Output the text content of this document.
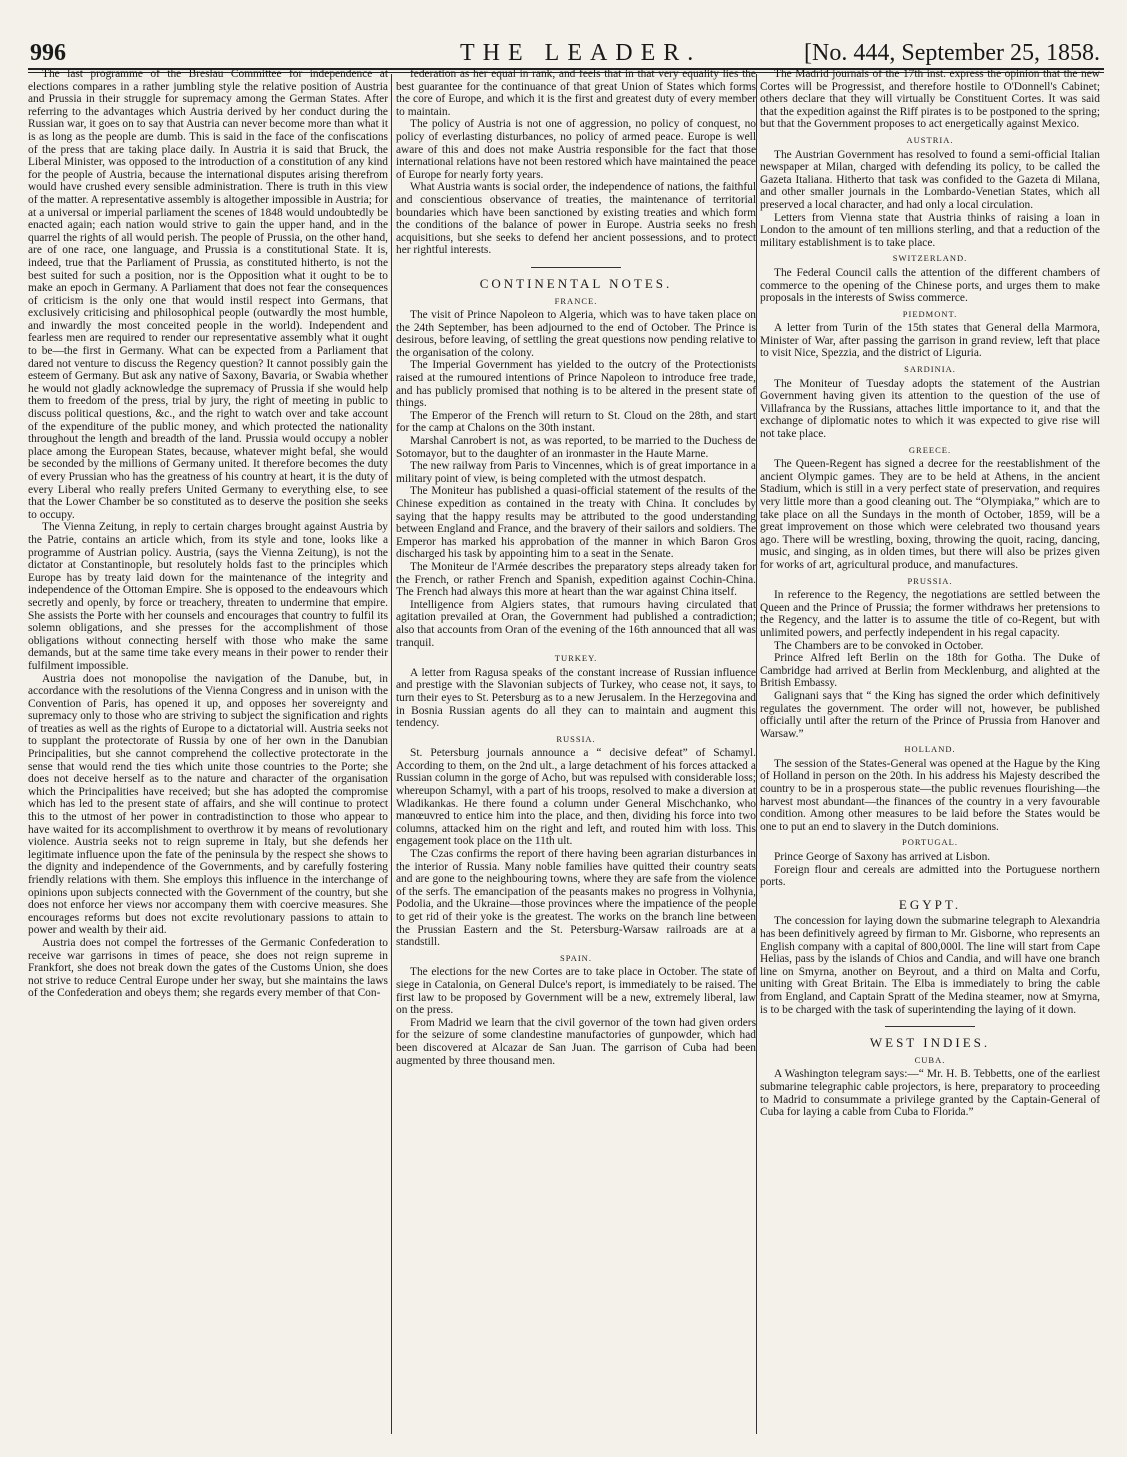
996	THE LEADER.	[No. 444, September 25, 1858.

The last programme of the Breslau Committee for independence at elections compares in a rather jumbling style the relative position of Austria and Prussia in their struggle for supremacy among the German States. After referring to the advantages which Austria derived by her conduct during the Russian war, it goes on to say that Austria can never become more than what it is as long as the people are dumb. This is said in the face of the confiscations of the press that are taking place daily. In Austria it is said that Bruck, the Liberal Minister, was opposed to the introduction of a constitution of any kind for the people of Austria, because the international disputes arising therefrom would have crushed every sensible administration. There is truth in this view of the matter. A representative assembly is altogether impossible in Austria; for at a universal or imperial parliament the scenes of 1848 would undoubtedly be enacted again; each nation would strive to gain the upper hand, and in the quarrel the rights of all would perish. The people of Prussia, on the other hand, are of one race, one language, and Prussia is a constitutional State. It is, indeed, true that the Parliament of Prussia, as constituted hitherto, is not the best suited for such a position, nor is the Opposition what it ought to be to make an epoch in Germany. A Parliament that does not fear the consequences of criticism is the only one that would instil respect into Germans, that exclusively criticising and philosophical people (outwardly the most humble, and inwardly the most conceited people in the world). Independent and fearless men are required to render our representative assembly what it ought to be—the first in Germany. What can be expected from a Parliament that dared not venture to discuss the Regency question? It cannot possibly gain the esteem of Germany. But ask any native of Saxony, Bavaria, or Swabia whether he would not gladly acknowledge the supremacy of Prussia if she would help them to freedom of the press, trial by jury, the right of meeting in public to discuss political questions, &c., and the right to watch over and take account of the expenditure of the public money, and which protected the nationality throughout the length and breadth of the land. Prussia would occupy a nobler place among the European States, because, whatever might befal, she would be seconded by the millions of Germany united. It therefore becomes the duty of every Prussian who has the greatness of his country at heart, it is the duty of every Liberal who really prefers United Germany to everything else, to see that the Lower Chamber be so constituted as to deserve the position she seeks to occupy.

The Vienna Zeitung, in reply to certain charges brought against Austria by the Patrie, contains an article which, from its style and tone, looks like a programme of Austrian policy. Austria, (says the Vienna Zeitung), is not the dictator at Constantinople, but resolutely holds fast to the principles which Europe has by treaty laid down for the maintenance of the integrity and independence of the Ottoman Empire. She is opposed to the endeavours which secretly and openly, by force or treachery, threaten to undermine that empire. She assists the Porte with her counsels and encourages that country to fulfil its solemn obligations, and she presses for the accomplishment of those obligations without connecting herself with those who make the same demands, but at the same time take every means in their power to render their fulfilment impossible.

Austria does not monopolise the navigation of the Danube, but, in accordance with the resolutions of the Vienna Congress and in unison with the Convention of Paris, has opened it up, and opposes her sovereignty and supremacy only to those who are striving to subject the signification and rights of treaties as well as the rights of Europe to a dictatorial will. Austria seeks not to supplant the protectorate of Russia by one of her own in the Danubian Principalities, but she cannot comprehend the collective protectorate in the sense that would rend the ties which unite those countries to the Porte; she does not deceive herself as to the nature and character of the organisation which the Principalities have received; but she has adopted the compromise which has led to the present state of affairs, and she will continue to protect this to the utmost of her power in contradistinction to those who appear to have waited for its accomplishment to overthrow it by means of revolutionary violence. Austria seeks not to reign supreme in Italy, but she defends her legitimate influence upon the fate of the peninsula by the respect she shows to the dignity and independence of the Governments, and by carefully fostering friendly relations with them. She employs this influence in the interchange of opinions upon subjects connected with the Government of the country, but she does not enforce her views nor accompany them with coercive measures. She encourages reforms but does not excite revolutionary passions to attain to power and wealth by their aid.

Austria does not compel the fortresses of the Germanic Confederation to receive war garrisons in times of peace, she does not reign supreme in Frankfort, she does not break down the gates of the Customs Union, she does not strive to reduce Central Europe under her sway, but she maintains the laws of the Confederation and obeys them; she regards every member of that Con-

federation as her equal in rank, and feels that in that very equality lies the best guarantee for the continuance of that great Union of States which forms the core of Europe, and which it is the first and greatest duty of every member to maintain.

The policy of Austria is not one of aggression, no policy of conquest, no policy of everlasting disturbances, no policy of armed peace. Europe is well aware of this and does not make Austria responsible for the fact that those international relations have not been restored which have maintained the peace of Europe for nearly forty years.

What Austria wants is social order, the independence of nations, the faithful and conscientious observance of treaties, the maintenance of territorial boundaries which have been sanctioned by existing treaties and which form the conditions of the balance of power in Europe. Austria seeks no fresh acquisitions, but she seeks to defend her ancient possessions, and to protect her rightful interests.

CONTINENTAL NOTES.
FRANCE.

The visit of Prince Napoleon to Algeria, which was to have taken place on the 24th September, has been adjourned to the end of October. The Prince is desirous, before leaving, of settling the great questions now pending relative to the organisation of the colony.

The Imperial Government has yielded to the outcry of the Protectionists raised at the rumoured intentions of Prince Napoleon to introduce free trade, and has publicly promised that nothing is to be altered in the present state of things.

The Emperor of the French will return to St. Cloud on the 28th, and start for the camp at Chalons on the 30th instant.

Marshal Canrobert is not, as was reported, to be married to the Duchess de Sotomayor, but to the daughter of an ironmaster in the Haute Marne.

The new railway from Paris to Vincennes, which is of great importance in a military point of view, is being completed with the utmost despatch.

The Moniteur has published a quasi-official statement of the results of the Chinese expedition as contained in the treaty with China. It concludes by saying that the happy results may be attributed to the good understanding between England and France, and the bravery of their sailors and soldiers. The Emperor has marked his approbation of the manner in which Baron Gros discharged his task by appointing him to a seat in the Senate.

The Moniteur de l'Armée describes the preparatory steps already taken for the French, or rather French and Spanish, expedition against Cochin-China. The French had always this more at heart than the war against China itself.

Intelligence from Algiers states, that rumours having circulated that agitation prevailed at Oran, the Government had published a contradiction; also that accounts from Oran of the evening of the 16th announced that all was tranquil.

TURKEY.

A letter from Ragusa speaks of the constant increase of Russian influence and prestige with the Slavonian subjects of Turkey, who cease not, it says, to turn their eyes to St. Petersburg as to a new Jerusalem. In the Herzegovina and in Bosnia Russian agents do all they can to maintain and augment this tendency.

RUSSIA.

St. Petersburg journals announce a “ decisive defeat” of Schamyl. According to them, on the 2nd ult., a large detachment of his forces attacked a Russian column in the gorge of Acho, but was repulsed with considerable loss; whereupon Schamyl, with a part of his troops, resolved to make a diversion at Wladikankas. He there found a column under General Mischchanko, who manœuvred to entice him into the place, and then, dividing his force into two columns, attacked him on the right and left, and routed him with loss. This engagement took place on the 11th ult.

The Czas confirms the report of there having been agrarian disturbances in the interior of Russia. Many noble families have quitted their country seats and are gone to the neighbouring towns, where they are safe from the violence of the serfs. The emancipation of the peasants makes no progress in Volhynia, Podolia, and the Ukraine—those provinces where the impatience of the people to get rid of their yoke is the greatest. The works on the branch line between the Prussian Eastern and the St. Petersburg-Warsaw railroads are at a standstill.

SPAIN.

The elections for the new Cortes are to take place in October. The state of siege in Catalonia, on General Dulce's report, is immediately to be raised. The first law to be proposed by Government will be a new, extremely liberal, law on the press.

From Madrid we learn that the civil governor of the town had given orders for the seizure of some clandestine manufactories of gunpowder, which had been discovered at Alcazar de San Juan. The garrison of Cuba had been augmented by three thousand men.

The Madrid journals of the 17th inst. express the opinion that the new Cortes will be Progressist, and therefore hostile to O'Donnell's Cabinet; others declare that they will virtually be Constituent Cortes. It was said that the expedition against the Riff pirates is to be postponed to the spring; but that the Government proposes to act energetically against Mexico.

AUSTRIA.

The Austrian Government has resolved to found a semi-official Italian newspaper at Milan, charged with defending its policy, to be called the Gazeta Italiana. Hitherto that task was confided to the Gazeta di Milana, and other smaller journals in the Lombardo-Venetian States, which all preserved a local character, and had only a local circulation.

Letters from Vienna state that Austria thinks of raising a loan in London to the amount of ten millions sterling, and that a reduction of the military establishment is to take place.

SWITZERLAND.

The Federal Council calls the attention of the different chambers of commerce to the opening of the Chinese ports, and urges them to make proposals in the interests of Swiss commerce.

PIEDMONT.

A letter from Turin of the 15th states that General della Marmora, Minister of War, after passing the garrison in grand review, left that place to visit Nice, Spezzia, and the district of Liguria.

SARDINIA.

The Moniteur of Tuesday adopts the statement of the Austrian Government having given its attention to the question of the use of Villafranca by the Russians, attaches little importance to it, and that the exchange of diplomatic notes to which it was expected to give rise will not take place.

GREECE.

The Queen-Regent has signed a decree for the reestablishment of the ancient Olympic games. They are to be held at Athens, in the ancient Stadium, which is still in a very perfect state of preservation, and requires very little more than a good cleaning out. The “Olympiaka,” which are to take place on all the Sundays in the month of October, 1859, will be a great improvement on those which were celebrated two thousand years ago. There will be wrestling, boxing, throwing the quoit, racing, dancing, music, and singing, as in olden times, but there will also be prizes given for works of art, agricultural produce, and manufactures.

PRUSSIA.

In reference to the Regency, the negotiations are settled between the Queen and the Prince of Prussia; the former withdraws her pretensions to the Regency, and the latter is to assume the title of co-Regent, but with unlimited powers, and perfectly independent in his regal capacity.

The Chambers are to be convoked in October.

Prince Alfred left Berlin on the 18th for Gotha. The Duke of Cambridge had arrived at Berlin from Mecklenburg, and alighted at the British Embassy.

Galignani says that “ the King has signed the order which definitively regulates the government. The order will not, however, be published officially until after the return of the Prince of Prussia from Hanover and Warsaw.”

HOLLAND.

The session of the States-General was opened at the Hague by the King of Holland in person on the 20th. In his address his Majesty described the country to be in a prosperous state—the public revenues flourishing—the harvest most abundant—the finances of the country in a very favourable condition. Among other measures to be laid before the States would be one to put an end to slavery in the Dutch dominions.

PORTUGAL.

Prince George of Saxony has arrived at Lisbon.

Foreign flour and cereals are admitted into the Portuguese northern ports.

EGYPT.

The concession for laying down the submarine telegraph to Alexandria has been definitively agreed by firman to Mr. Gisborne, who represents an English company with a capital of 800,000l. The line will start from Cape Helias, pass by the islands of Chios and Candia, and will have one branch line on Smyrna, another on Beyrout, and a third on Malta and Corfu, uniting with Great Britain. The Elba is immediately to bring the cable from England, and Captain Spratt of the Medina steamer, now at Smyrna, is to be charged with the task of superintending the laying of it down.

WEST INDIES.
CUBA.

A Washington telegram says:—“ Mr. H. B. Tebbetts, one of the earliest submarine telegraphic cable projectors, is here, preparatory to proceeding to Madrid to consummate a privilege granted by the Captain-General of Cuba for laying a cable from Cuba to Florida.”
